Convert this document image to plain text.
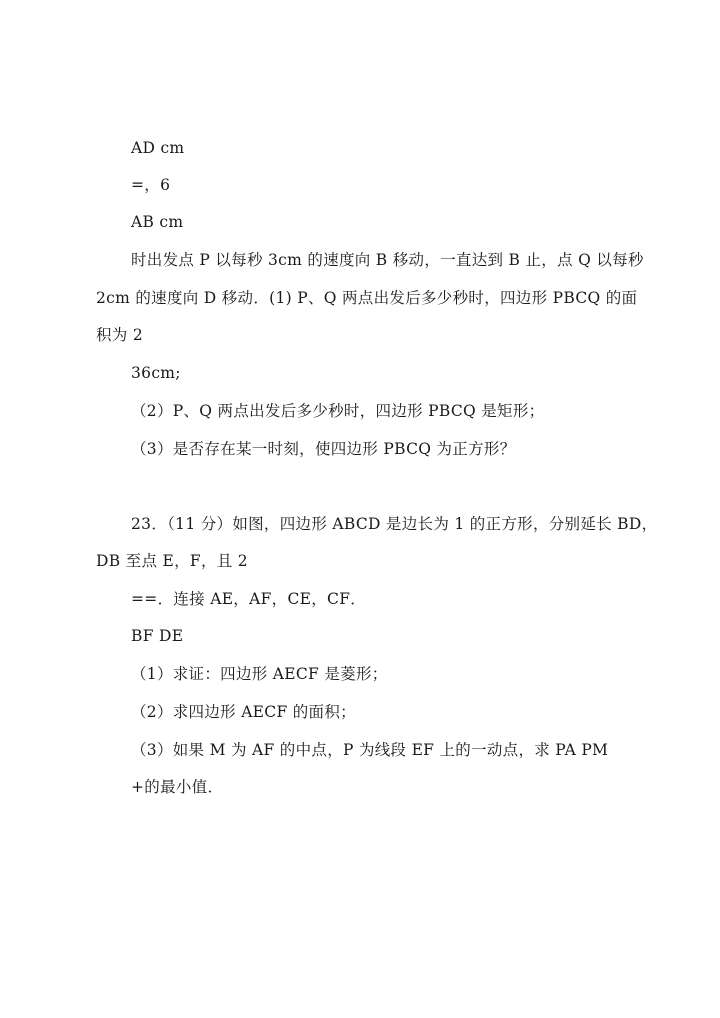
AD cm
=，6
AB cm
时出发点 P 以每秒 3cm 的速度向 B 移动，一直达到 B 止，点 Q 以每秒
2cm 的速度向 D 移动．(1) P、Q 两点出发后多少秒时，四边形 PBCQ 的面
积为 2
36cm;
（2）P、Q 两点出发后多少秒时，四边形 PBCQ 是矩形；
（3）是否存在某一时刻，使四边形 PBCQ 为正方形？
23．（11 分）如图，四边形 ABCD 是边长为 1 的正方形，分别延长 BD，
DB 至点 E，F，且 2
==．连接 AE，AF，CE，CF．
BF DE
（1）求证：四边形 AECF 是菱形；
（2）求四边形 AECF 的面积；
（3）如果 M 为 AF 的中点，P 为线段 EF 上的一动点，求 PA PM
+的最小值．
